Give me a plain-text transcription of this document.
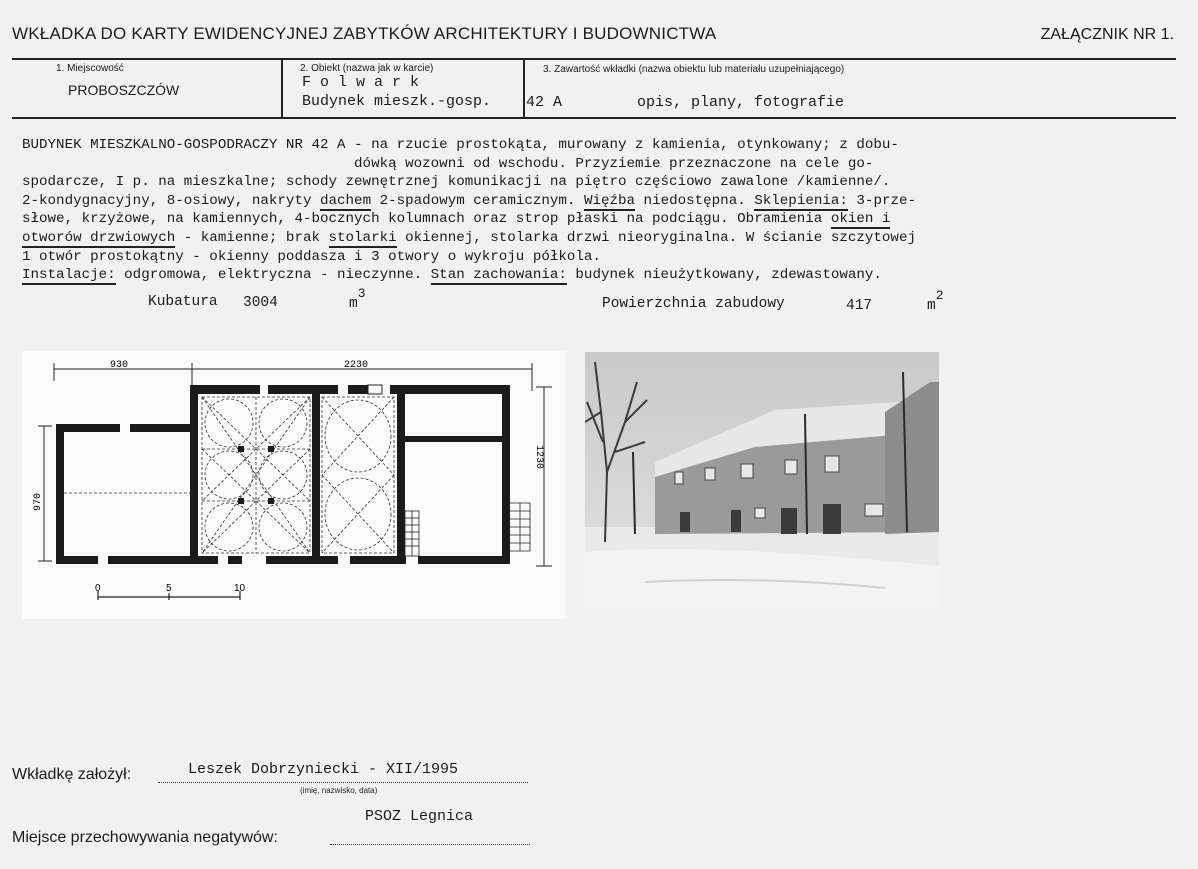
WKŁADKA DO KARTY EWIDENCYJNEJ ZABYTKÓW ARCHITEKTURY I BUDOWNICTWA	ZAŁĄCZNIK NR 1.
1. Miejscowość
PROBOSZCZÓW
2. Obiekt (nazwa jak w karcie)
Folwark
Budynek mieszk.-gosp.
3. Zawartość wkładki (nazwa obiektu lub materiału uzupełniającego)
42 A	opis, plany, fotografie
BUDYNEK MIESZKALNO-GOSPODRACZY NR 42 A - na rzucie prostokąta, murowany z kamienia, otynkowany; z dobu-
dówką wozowni od wschodu. Przyziemie przeznaczone na cele go-
spodarcze, I p. na mieszkalne; schody zewnętrznej komunikacji na piętro częściowo zawalone /kamienne/.
2-kondygnacyjny, 8-osiowy, nakryty dachem 2-spadowym ceramicznym. Więźba niedostępna. Sklepienia: 3-prze-
słowe, krzyżowe, na kamiennych, 4-bocznych kolumnach oraz strop płaski na podciągu. Obramienia okien i
otworów drzwiowych - kamienne; brak stolarki okiennej, stolarka drzwi nieoryginalna. W ścianie szczytowej
1 otwór prostokątny - okienny poddasza i 3 otwory o wykroju półkola.
Instalacje: odgromowa, elektryczna - nieczynne. Stan zachowania: budynek nieużytkowany, zdewastowany.
Kubatura 3004	m3
Powierzchnia zabudowy	417	m2
930	2230
970
1230
0	5	10
Wkładkę założył:	Leszek Dobrzyniecki - XII/1995
(imię, nazwisko, data)
PSOZ Legnica
Miejsce przechowywania negatywów:
